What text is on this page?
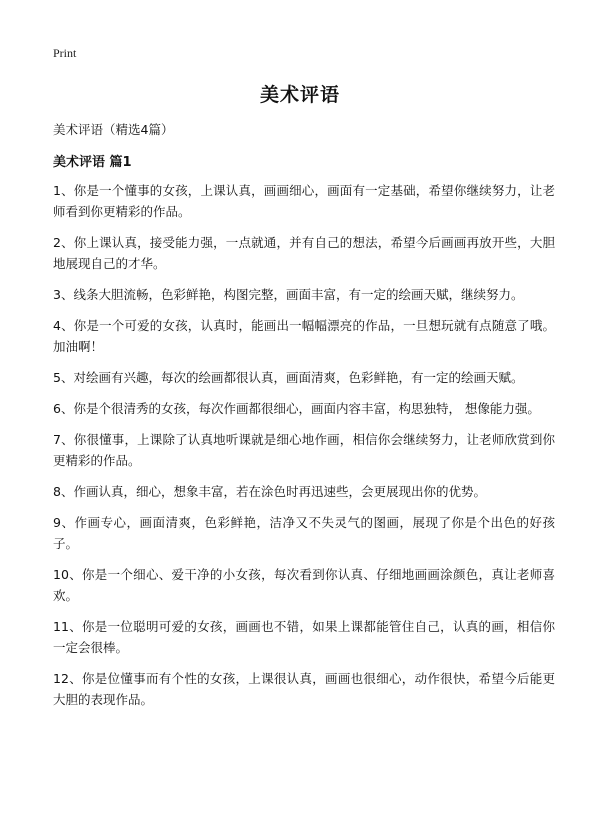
Print
美术评语
美术评语（精选4篇）
美术评语 篇1
1、你是一个懂事的女孩，上课认真，画画细心，画面有一定基础，希望你继续努力，让老师看到你更精彩的作品。
2、你上课认真，接受能力强，一点就通，并有自己的想法，希望今后画画再放开些，大胆地展现自己的才华。
3、线条大胆流畅，色彩鲜艳，构图完整，画面丰富，有一定的绘画天赋，继续努力。
4、你是一个可爱的女孩，认真时，能画出一幅幅漂亮的作品，一旦想玩就有点随意了哦。加油啊！
5、对绘画有兴趣，每次的绘画都很认真，画面清爽，色彩鲜艳，有一定的绘画天赋。
6、你是个很清秀的女孩，每次作画都很细心，画面内容丰富，构思独特， 想像能力强。
7、你很懂事，上课除了认真地听课就是细心地作画，相信你会继续努力，让老师欣赏到你更精彩的作品。
8、作画认真，细心，想象丰富，若在涂色时再迅速些，会更展现出你的优势。
9、作画专心，画面清爽，色彩鲜艳，洁净又不失灵气的图画，展现了你是个出色的好孩子。
10、你是一个细心、爱干净的小女孩，每次看到你认真、仔细地画画涂颜色，真让老师喜欢。
11、你是一位聪明可爱的女孩，画画也不错，如果上课都能管住自己，认真的画，相信你一定会很棒。
12、你是位懂事而有个性的女孩，上课很认真，画画也很细心，动作很快，希望今后能更大胆的表现作品。
